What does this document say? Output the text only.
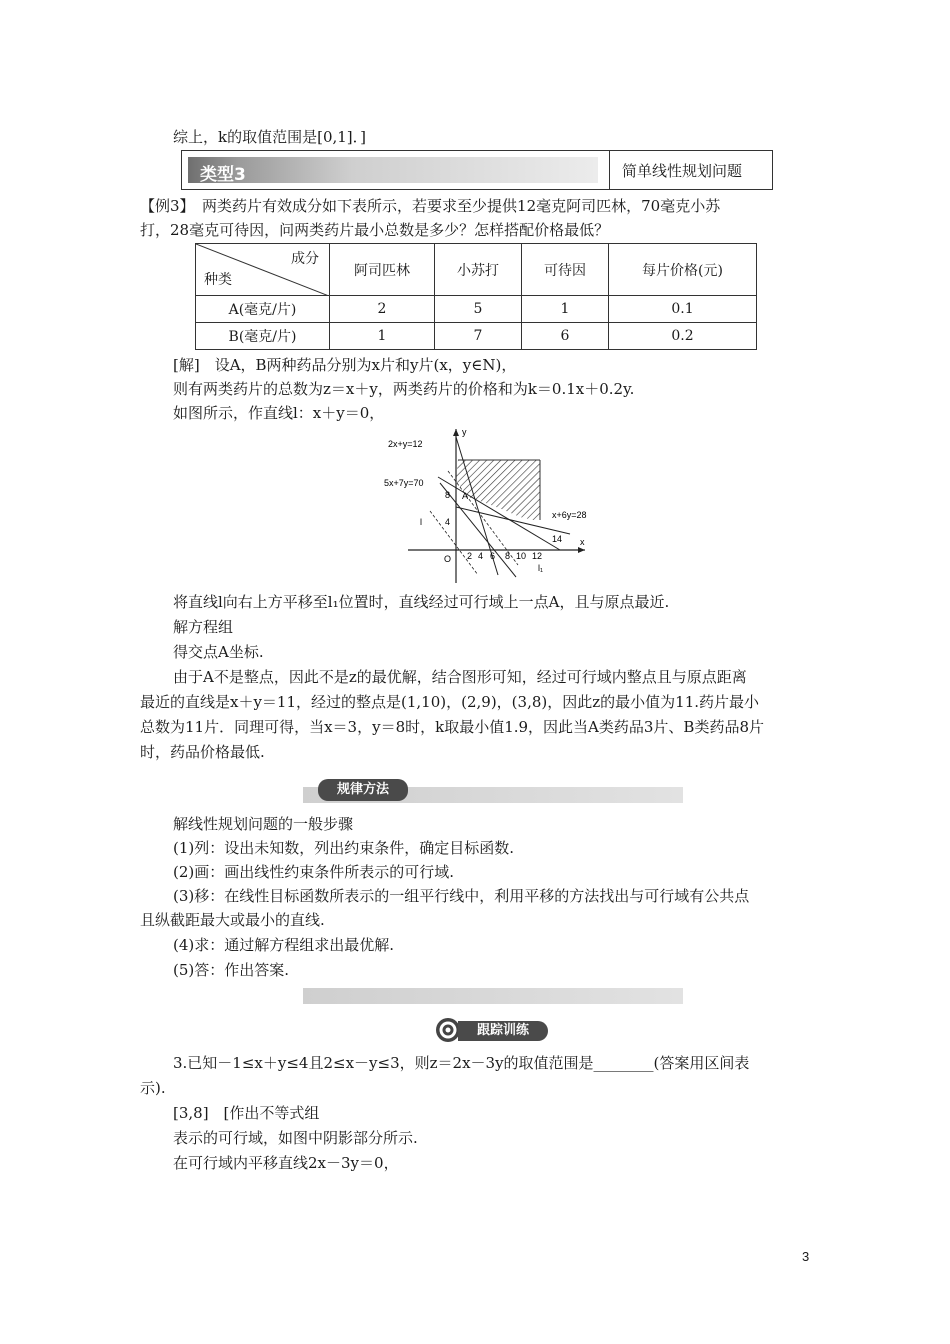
综上，k的取值范围是[0,1]．]
类型3	简单线性规划问题
【例3】　两类药片有效成分如下表所示，若要求至少提供12毫克阿司匹林，70毫克小苏
打，28毫克可待因，问两类药片最小总数是多少？怎样搭配价格最低？
成分
种类	阿司匹林	小苏打	可待因	每片价格(元)
A(毫克/片)	2	5	1	0.1
B(毫克/片)	1	7	6	0.2
[解]　设A，B两种药品分别为x片和y片(x，y∈N)，
则有两类药片的总数为z＝x＋y，两类药片的价格和为k＝0.1x＋0.2y.
如图所示，作直线l：x＋y＝0，
y
x
O
2x+y=12
5x+7y=70
x+6y=28
l
l₁
A
8
4
2 4 6 8 10 12
14
将直线l向右上方平移至l₁位置时，直线经过可行域上一点A，且与原点最近.
解方程组
得交点A坐标.
由于A不是整点，因此不是z的最优解，结合图形可知，经过可行域内整点且与原点距离
最近的直线是x＋y＝11，经过的整点是(1,10)，(2,9)，(3,8)，因此z的最小值为11.药片最小
总数为11片．同理可得，当x＝3，y＝8时，k取最小值1.9，因此当A类药品3片、B类药品8片
时，药品价格最低.
规律方法
解线性规划问题的一般步骤
(1)列：设出未知数，列出约束条件，确定目标函数.
(2)画：画出线性约束条件所表示的可行域.
(3)移：在线性目标函数所表示的一组平行线中，利用平移的方法找出与可行域有公共点
且纵截距最大或最小的直线.
(4)求：通过解方程组求出最优解.
(5)答：作出答案.
跟踪训练
3.已知－1≤x＋y≤4且2≤x－y≤3，则z＝2x－3y的取值范围是________(答案用区间表
示).
[3,8]　[作出不等式组
表示的可行域，如图中阴影部分所示.
在可行域内平移直线2x－3y＝0，
3
